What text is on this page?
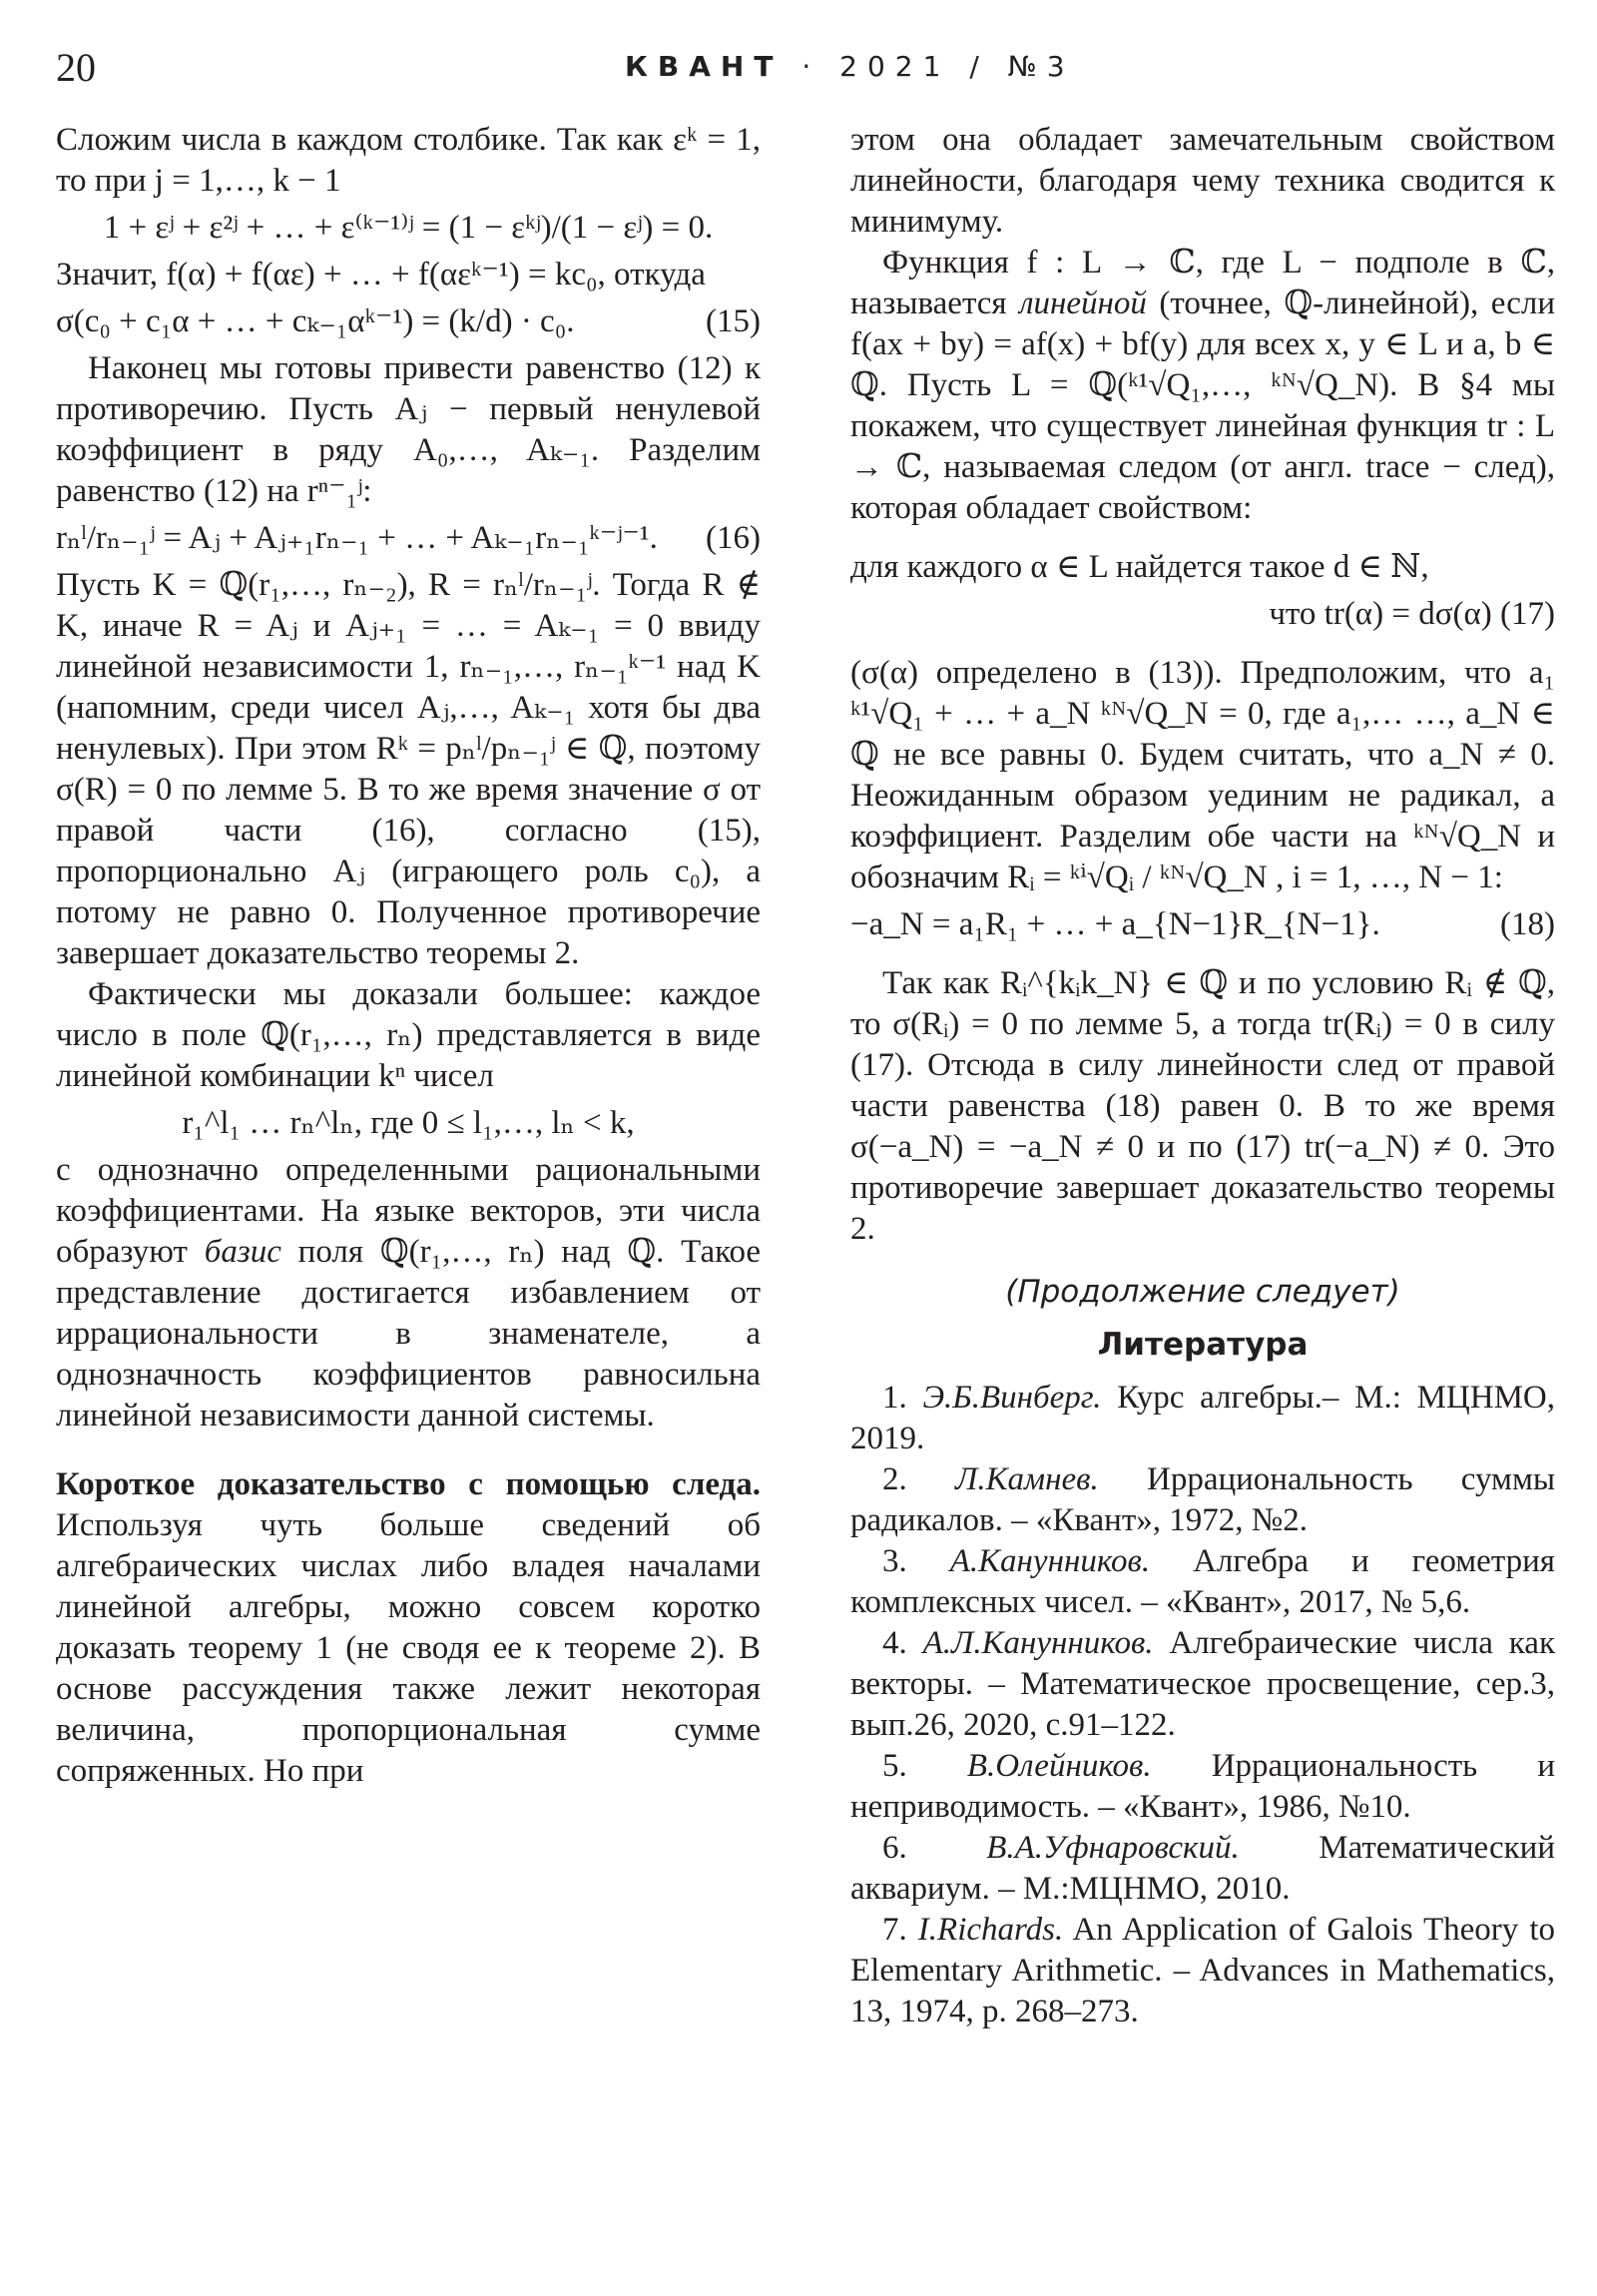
20	КВАНТ · 2021 / №3

Сложим числа в каждом столбике. Так как εᵏ = 1, то при j = 1,…, k − 1

1 + εʲ + ε²ʲ + … + ε⁽ᵏ⁻¹⁾ʲ = (1 − εᵏʲ)/(1 − εʲ) = 0.

Значит, f(α) + f(αε) + … + f(αεᵏ⁻¹) = kc₀, откуда

σ(c₀ + c₁α + … + cₖ₋₁αᵏ⁻¹) = (k/d) · c₀.	(15)

Наконец мы готовы привести равенство (12) к противоречию. Пусть Aⱼ − первый ненулевой коэффициент в ряду A₀,…, Aₖ₋₁. Разделим равенство (12) на rⁿ⁻₁ʲ:

rₙˡ/rₙ₋₁ʲ = Aⱼ + Aⱼ₊₁rₙ₋₁ + … + Aₖ₋₁rₙ₋₁ᵏ⁻ʲ⁻¹. (16)

Пусть K = ℚ(r₁,…, rₙ₋₂), R = rₙˡ/rₙ₋₁ʲ. Тогда R ∉ K, иначе R = Aⱼ и Aⱼ₊₁ = … = Aₖ₋₁ = 0 ввиду линейной независимости 1, rₙ₋₁,…, rₙ₋₁ᵏ⁻¹ над K (напомним, среди чисел Aⱼ,…, Aₖ₋₁ хотя бы два ненулевых). При этом Rᵏ = pₙˡ/pₙ₋₁ʲ ∈ ℚ, поэтому σ(R) = 0 по лемме 5. В то же время значение σ от правой части (16), согласно (15), пропорционально Aⱼ (играющего роль c₀), а потому не равно 0. Полученное противоречие завершает доказательство теоремы 2.

Фактически мы доказали большее: каждое число в поле ℚ(r₁,…, rₙ) представляется в виде линейной комбинации kⁿ чисел

r₁^l₁ … rₙ^lₙ, где 0 ≤ l₁,…, lₙ < k,

с однозначно определенными рациональными коэффициентами. На языке векторов, эти числа образуют базис поля ℚ(r₁,…, rₙ) над ℚ. Такое представление достигается избавлением от иррациональности в знаменателе, а однозначность коэффициентов равносильна линейной независимости данной системы.

Короткое доказательство с помощью следа. Используя чуть больше сведений об алгебраических числах либо владея началами линейной алгебры, можно совсем коротко доказать теорему 1 (не сводя ее к теореме 2). В основе рассуждения также лежит некоторая величина, пропорциональная сумме сопряженных. Но при

этом она обладает замечательным свойством линейности, благодаря чему техника сводится к минимуму.

Функция f : L → ℂ, где L − подполе в ℂ, называется линейной (точнее, ℚ-линейной), если f(ax + by) = af(x) + bf(y) для всех x, y ∈ L и a, b ∈ ℚ. Пусть L = ℚ(ᵏ¹√Q₁,…, ᵏᴺ√Q_N). В §4 мы покажем, что существует линейная функция tr : L → ℂ, называемая следом (от англ. trace − след), которая обладает свойством:

для каждого α ∈ L найдется такое d ∈ ℕ,
что tr(α) = dσ(α) (17)

(σ(α) определено в (13)). Предположим, что a₁ ᵏ¹√Q₁ + … + a_N ᵏᴺ√Q_N = 0, где a₁,… …, a_N ∈ ℚ не все равны 0. Будем считать, что a_N ≠ 0. Неожиданным образом уединим не радикал, а коэффициент. Разделим обе части на ᵏᴺ√Q_N и обозначим Rᵢ = ᵏⁱ√Qᵢ / ᵏᴺ√Q_N , i = 1, …, N − 1:

−a_N = a₁R₁ + … + a_{N−1}R_{N−1}.	(18)

Так как Rᵢ^{kᵢk_N} ∈ ℚ и по условию Rᵢ ∉ ℚ, то σ(Rᵢ) = 0 по лемме 5, а тогда tr(Rᵢ) = 0 в силу (17). Отсюда в силу линейности след от правой части равенства (18) равен 0. В то же время σ(−a_N) = −a_N ≠ 0 и по (17) tr(−a_N) ≠ 0. Это противоречие завершает доказательство теоремы 2.

(Продолжение следует)
Литература

1. Э.Б.Винберг. Курс алгебры.– М.: МЦНМО, 2019.

2. Л.Камнев. Иррациональность суммы радикалов. – «Квант», 1972, №2.

3. А.Канунников. Алгебра и геометрия комплексных чисел. – «Квант», 2017, № 5,6.

4. А.Л.Канунников. Алгебраические числа как векторы. – Математическое просвещение, сер.3, вып.26, 2020, с.91–122.

5. В.Олейников. Иррациональность и неприводимость. – «Квант», 1986, №10.

6. В.А.Уфнаровский. Математический аквариум. – М.:МЦНМО, 2010.

7. I.Richards. An Application of Galois Theory to Elementary Arithmetic. – Advances in Mathematics, 13, 1974, p. 268–273.
